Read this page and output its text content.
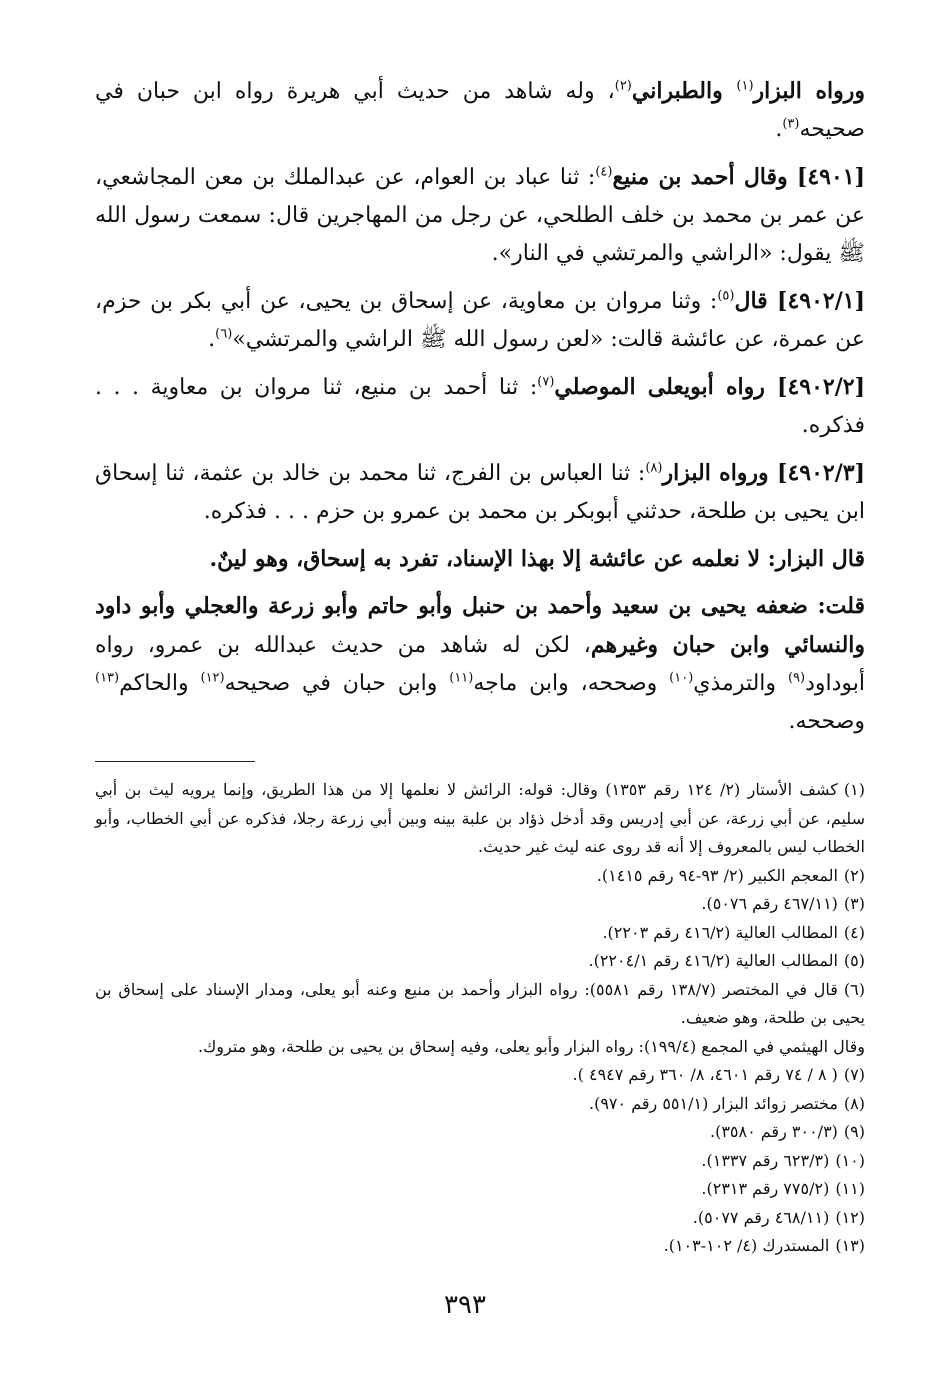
ورواه البزار$^{(١)}$ والطبراني$^{(٢)}$، وله شاهد من حديث أبي هريرة رواه ابن حبان في صحيحه$^{(٣)}$.

[٤٩٠١] وقال أحمد بن منيع$^{(٤)}$: ثنا عباد بن العوام، عن عبدالملك بن معن المجاشعي، عن عمر بن محمد بن خلف الطلحي، عن رجل من المهاجرين قال: سمعت رسول الله ﷺ يقول: «الراشي والمرتشي في النار».

[٤٩٠٢/١] قال$^{(٥)}$: وثنا مروان بن معاوية، عن إسحاق بن يحيى، عن أبي بكر بن حزم، عن عمرة، عن عائشة قالت: «لعن رسول الله ﷺ الراشي والمرتشي»$^{(٦)}$.

[٤٩٠٢/٢] رواه أبويعلى الموصلي$^{(٧)}$: ثنا أحمد بن منيع، ثنا مروان بن معاوية . . . فذكره.

[٤٩٠٢/٣] ورواه البزار$^{(٨)}$: ثنا العباس بن الفرج، ثنا محمد بن خالد بن عثمة، ثنا إسحاق ابن يحيى بن طلحة، حدثني أبوبكر بن محمد بن عمرو بن حزم . . . فذكره.

قال البزار: لا نعلمه عن عائشة إلا بهذا الإسناد، تفرد به إسحاق، وهو لينٌ.

قلت: ضعفه يحيى بن سعيد وأحمد بن حنبل وأبو حاتم وأبو زرعة والعجلي وأبو داود والنسائي وابن حبان وغيرهم، لكن له شاهد من حديث عبدالله بن عمرو، رواه أبوداود$^{(٩)}$ والترمذي$^{(١٠)}$ وصححه، وابن ماجه$^{(١١)}$ وابن حبان في صحيحه$^{(١٢)}$ والحاكم$^{(١٣)}$ وصححه.

(١)كشف الأستار (٢/ ١٢٤ رقم ١٣٥٣) وقال: قوله: الرائش لا نعلمها إلا من هذا الطريق، وإنما يرويه ليث بن أبي سليم، عن أبي زرعة، عن أبي إدريس وقد أدخل ذؤاد بن علبة بينه وبين أبي زرعة رجلا، فذكره عن أبي الخطاب، وأبو الخطاب ليس بالمعروف إلا أنه قد روى عنه ليث غير حديث.
(٢)المعجم الكبير (٢/ ٩٣-٩٤ رقم ١٤١٥).
(٣)(٤٦٧/١١ رقم ٥٠٧٦).
(٤)المطالب العالية (٤١٦/٢ رقم ٢٢٠٣).
(٥)المطالب العالية (٤١٦/٢ رقم ٢٢٠٤/١).
(٦)قال في المختصر (١٣٨/٧ رقم ٥٥٨١): رواه البزار وأحمد بن منيع وعنه أبو يعلى، ومدار الإسناد على إسحاق بن يحيى بن طلحة، وهو ضعيف.
وقال الهيثمي في المجمع (١٩٩/٤): رواه البزار وأبو يعلى، وفيه إسحاق بن يحيى بن طلحة، وهو متروك.
(٧)( ٨ / ٧٤ رقم ٤٦٠١، ٨/ ٣٦٠ رقم ٤٩٤٧ ).
(٨)مختصر زوائد البزار (٥٥١/١ رقم ٩٧٠).
(٩)(٣٠٠/٣ رقم ٣٥٨٠).
(١٠)(٦٢٣/٣ رقم ١٣٣٧).
(١١)(٧٧٥/٢ رقم ٢٣١٣).
(١٢)(٤٦٨/١١ رقم ٥٠٧٧).
(١٣)المستدرك (٤/ ١٠٢-١٠٣).
٣٩٣
